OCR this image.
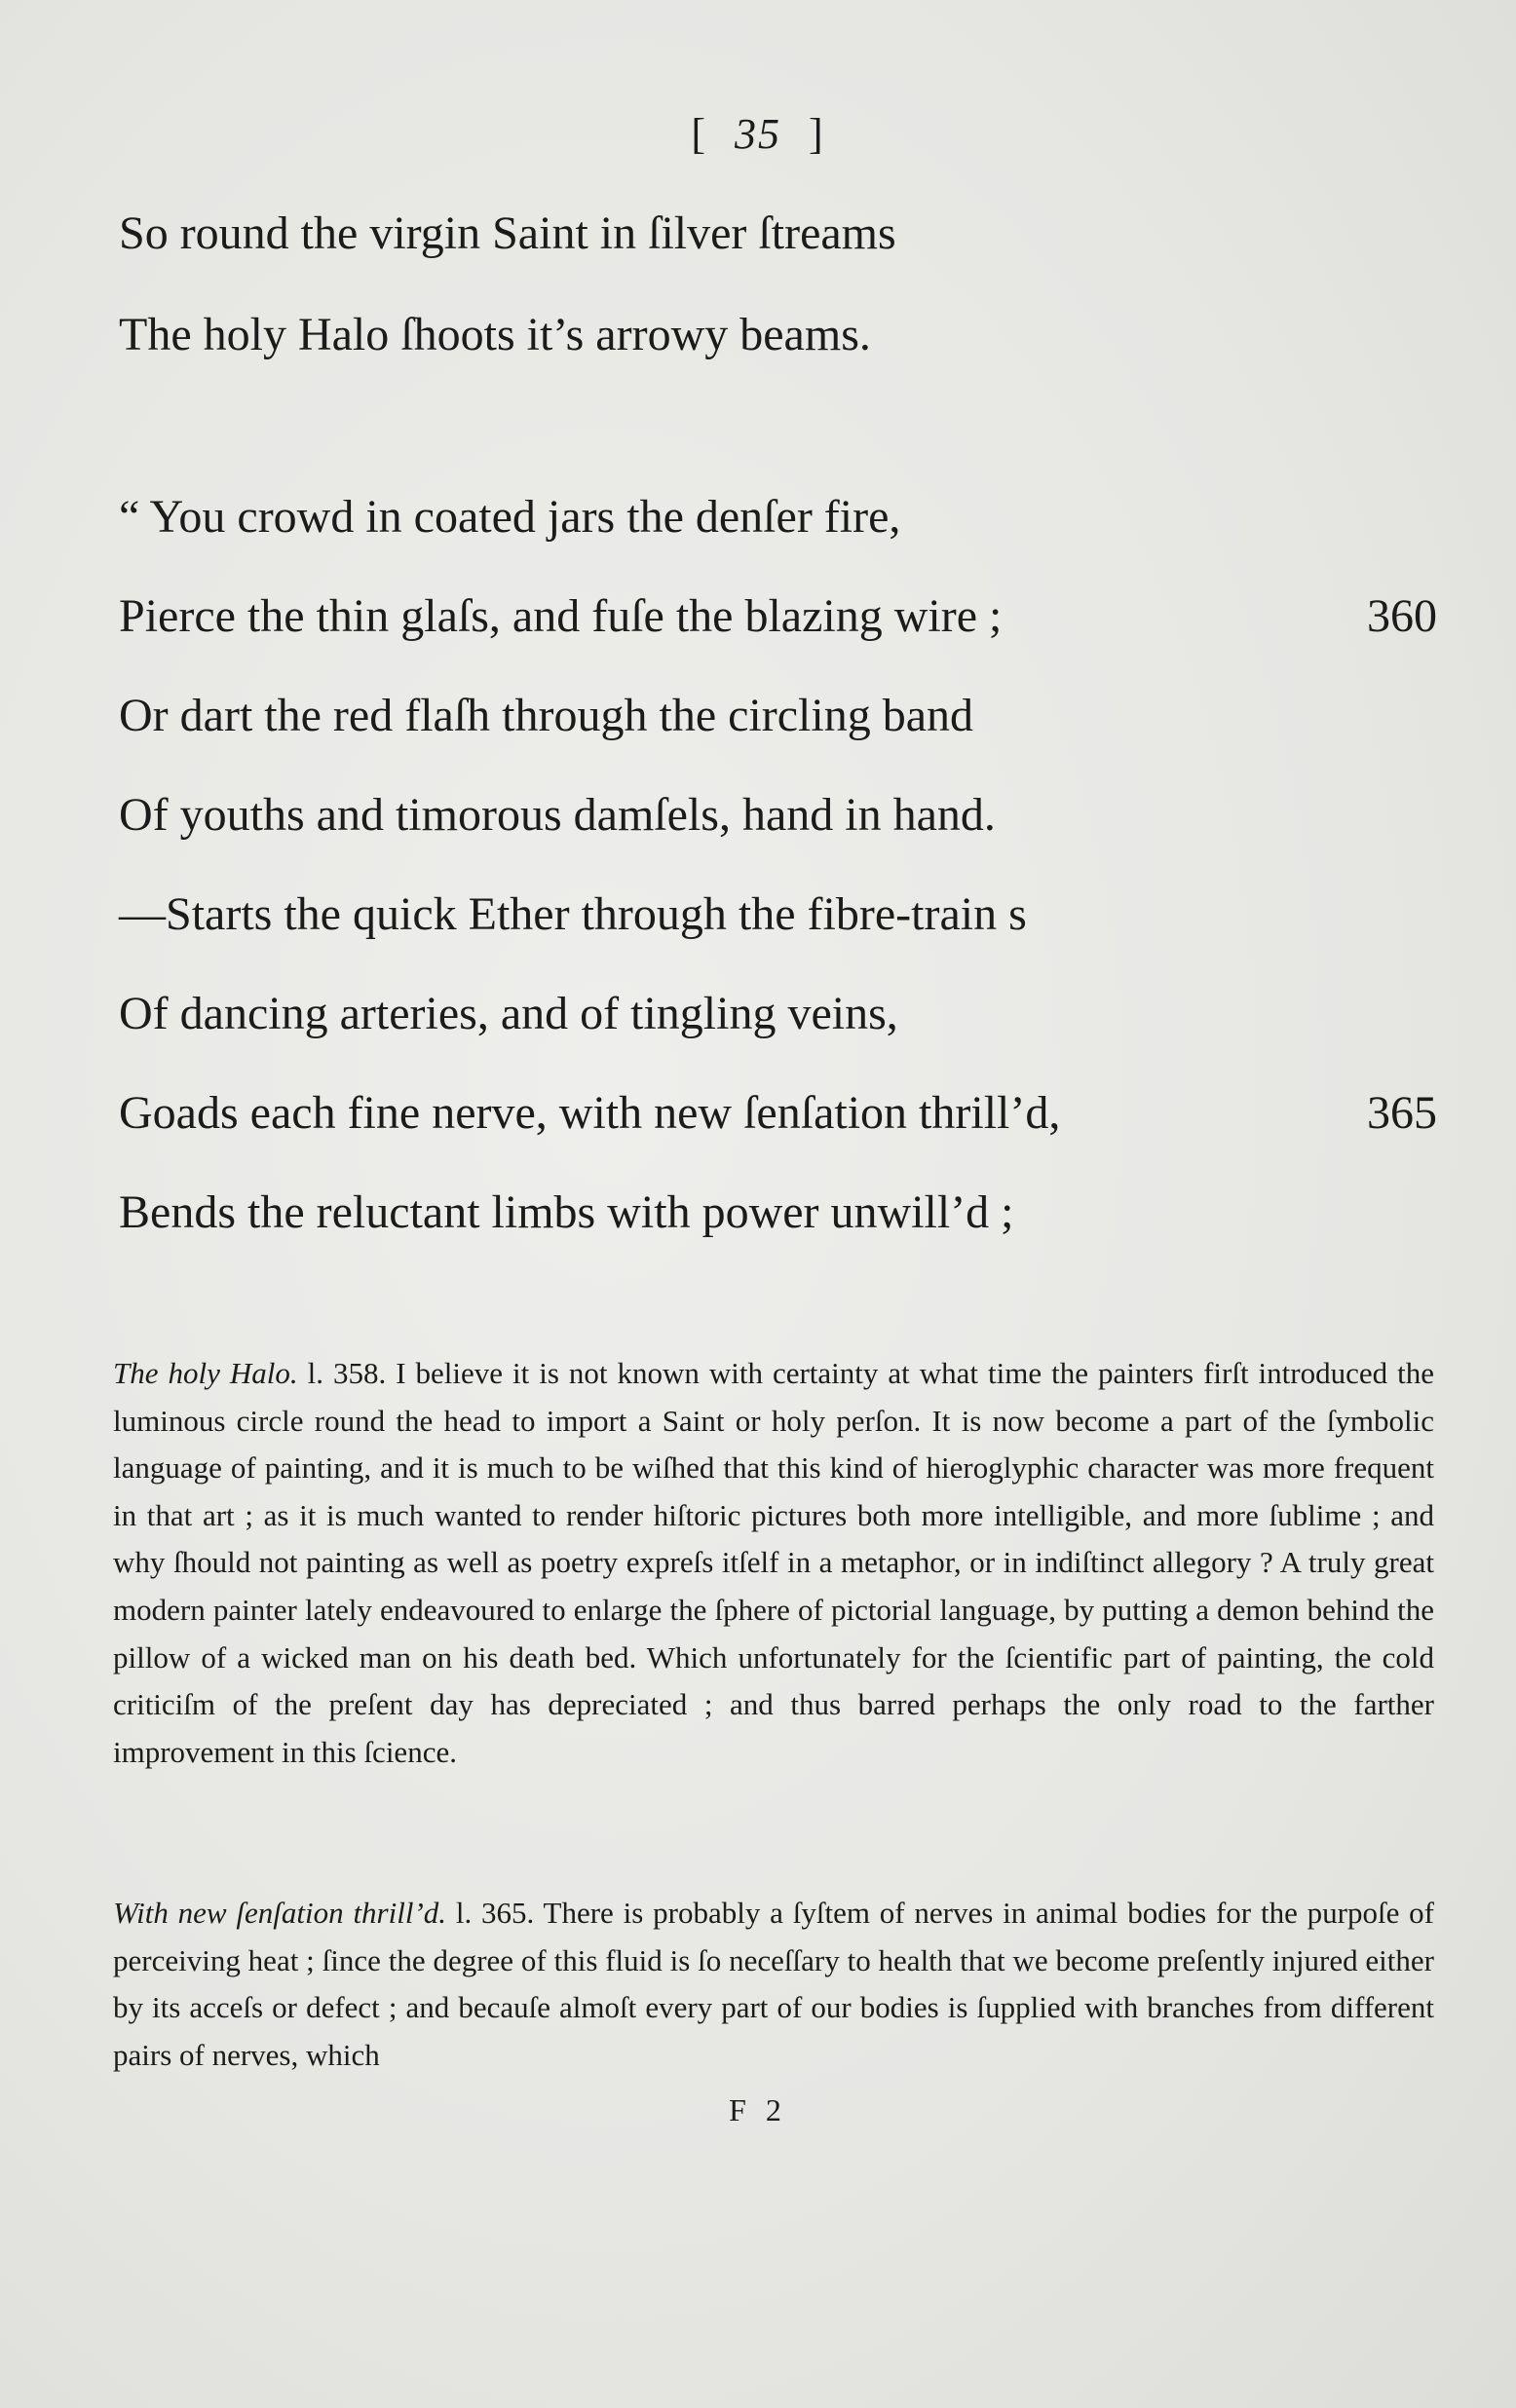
[ 35 ]
So round the virgin Saint in ſilver ſtreams
The holy Halo ſhoots it’s arrowy beams.
“ You crowd in coated jars the denſer fire,
Pierce the thin glaſs, and fuſe the blazing wire ;	360
Or dart the red flaſh through the circling band
Of youths and timorous damſels, hand in hand.
—Starts the quick Ether through the fibre-train s
Of dancing arteries, and of tingling veins,
Goads each fine nerve, with new ſenſation thrill’d,	365
Bends the reluctant limbs with power unwill’d ;

The holy Halo. l. 358. I believe it is not known with certainty at what time the painters firſt introduced the luminous circle round the head to import a Saint or holy perſon. It is now become a part of the ſymbolic language of painting, and it is much to be wiſhed that this kind of hieroglyphic character was more frequent in that art ; as it is much wanted to render hiſtoric pictures both more intelligible, and more ſublime ; and why ſhould not painting as well as poetry expreſs itſelf in a metaphor, or in indiſtinct allegory ? A truly great modern painter lately endeavoured to enlarge the ſphere of pictorial language, by putting a demon behind the pillow of a wicked man on his death bed. Which unfortunately for the ſcientific part of painting, the cold criticiſm of the preſent day has depreciated ; and thus barred perhaps the only road to the farther improvement in this ſcience.

With new ſenſation thrill’d. l. 365. There is probably a ſyſtem of nerves in animal bodies for the purpoſe of perceiving heat ; ſince the degree of this fluid is ſo neceſſary to health that we become preſently injured either by its acceſs or defect ; and becauſe almoſt every part of our bodies is ſupplied with branches from different pairs of nerves, which

F 2
